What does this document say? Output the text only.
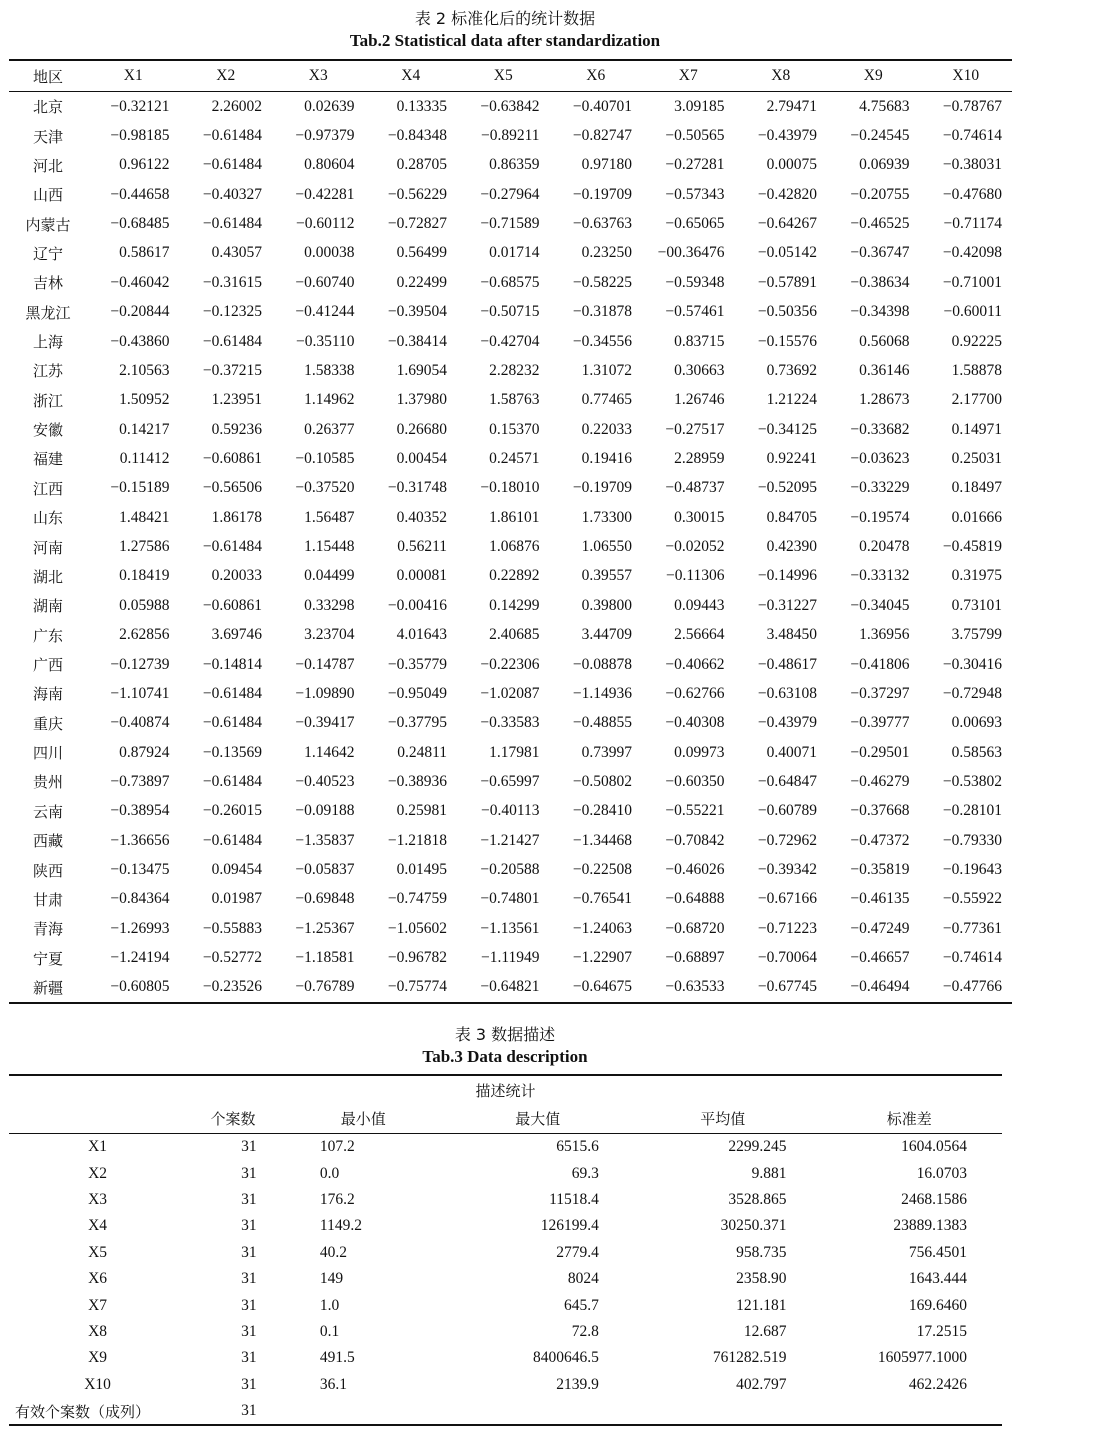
表 2 标准化后的统计数据
Tab.2 Statistical data after standardization
地区	X1	X2	X3	X4	X5	X6	X7	X8	X9	X10
北京	−0.32121	2.26002	0.02639	0.13335	−0.63842	−0.40701	3.09185	2.79471	4.75683	−0.78767
天津	−0.98185	−0.61484	−0.97379	−0.84348	−0.89211	−0.82747	−0.50565	−0.43979	−0.24545	−0.74614
河北	0.96122	−0.61484	0.80604	0.28705	0.86359	0.97180	−0.27281	0.00075	0.06939	−0.38031
山西	−0.44658	−0.40327	−0.42281	−0.56229	−0.27964	−0.19709	−0.57343	−0.42820	−0.20755	−0.47680
内蒙古	−0.68485	−0.61484	−0.60112	−0.72827	−0.71589	−0.63763	−0.65065	−0.64267	−0.46525	−0.71174
辽宁	0.58617	0.43057	0.00038	0.56499	0.01714	0.23250	−00.36476	−0.05142	−0.36747	−0.42098
吉林	−0.46042	−0.31615	−0.60740	0.22499	−0.68575	−0.58225	−0.59348	−0.57891	−0.38634	−0.71001
黑龙江	−0.20844	−0.12325	−0.41244	−0.39504	−0.50715	−0.31878	−0.57461	−0.50356	−0.34398	−0.60011
上海	−0.43860	−0.61484	−0.35110	−0.38414	−0.42704	−0.34556	0.83715	−0.15576	0.56068	0.92225
江苏	2.10563	−0.37215	1.58338	1.69054	2.28232	1.31072	0.30663	0.73692	0.36146	1.58878
浙江	1.50952	1.23951	1.14962	1.37980	1.58763	0.77465	1.26746	1.21224	1.28673	2.17700
安徽	0.14217	0.59236	0.26377	0.26680	0.15370	0.22033	−0.27517	−0.34125	−0.33682	0.14971
福建	0.11412	−0.60861	−0.10585	0.00454	0.24571	0.19416	2.28959	0.92241	−0.03623	0.25031
江西	−0.15189	−0.56506	−0.37520	−0.31748	−0.18010	−0.19709	−0.48737	−0.52095	−0.33229	0.18497
山东	1.48421	1.86178	1.56487	0.40352	1.86101	1.73300	0.30015	0.84705	−0.19574	0.01666
河南	1.27586	−0.61484	1.15448	0.56211	1.06876	1.06550	−0.02052	0.42390	0.20478	−0.45819
湖北	0.18419	0.20033	0.04499	0.00081	0.22892	0.39557	−0.11306	−0.14996	−0.33132	0.31975
湖南	0.05988	−0.60861	0.33298	−0.00416	0.14299	0.39800	0.09443	−0.31227	−0.34045	0.73101
广东	2.62856	3.69746	3.23704	4.01643	2.40685	3.44709	2.56664	3.48450	1.36956	3.75799
广西	−0.12739	−0.14814	−0.14787	−0.35779	−0.22306	−0.08878	−0.40662	−0.48617	−0.41806	−0.30416
海南	−1.10741	−0.61484	−1.09890	−0.95049	−1.02087	−1.14936	−0.62766	−0.63108	−0.37297	−0.72948
重庆	−0.40874	−0.61484	−0.39417	−0.37795	−0.33583	−0.48855	−0.40308	−0.43979	−0.39777	0.00693
四川	0.87924	−0.13569	1.14642	0.24811	1.17981	0.73997	0.09973	0.40071	−0.29501	0.58563
贵州	−0.73897	−0.61484	−0.40523	−0.38936	−0.65997	−0.50802	−0.60350	−0.64847	−0.46279	−0.53802
云南	−0.38954	−0.26015	−0.09188	0.25981	−0.40113	−0.28410	−0.55221	−0.60789	−0.37668	−0.28101
西藏	−1.36656	−0.61484	−1.35837	−1.21818	−1.21427	−1.34468	−0.70842	−0.72962	−0.47372	−0.79330
陕西	−0.13475	0.09454	−0.05837	0.01495	−0.20588	−0.22508	−0.46026	−0.39342	−0.35819	−0.19643
甘肃	−0.84364	0.01987	−0.69848	−0.74759	−0.74801	−0.76541	−0.64888	−0.67166	−0.46135	−0.55922
青海	−1.26993	−0.55883	−1.25367	−1.05602	−1.13561	−1.24063	−0.68720	−0.71223	−0.47249	−0.77361
宁夏	−1.24194	−0.52772	−1.18581	−0.96782	−1.11949	−1.22907	−0.68897	−0.70064	−0.46657	−0.74614
新疆	−0.60805	−0.23526	−0.76789	−0.75774	−0.64821	−0.64675	−0.63533	−0.67745	−0.46494	−0.47766
表 3 数据描述
Tab.3 Data description
描述统计					
	个案数	最小值	最大值	平均值	标准差
X1	31	107.2	6515.6	2299.245	1604.0564
X2	31	0.0	69.3	9.881	16.0703
X3	31	176.2	11518.4	3528.865	2468.1586
X4	31	1149.2	126199.4	30250.371	23889.1383
X5	31	40.2	2779.4	958.735	756.4501
X6	31	149	8024	2358.90	1643.444
X7	31	1.0	645.7	121.181	169.6460
X8	31	0.1	72.8	12.687	17.2515
X9	31	491.5	8400646.5	761282.519	1605977.1000
X10	31	36.1	2139.9	402.797	462.2426
有效个案数（成列）	31				
